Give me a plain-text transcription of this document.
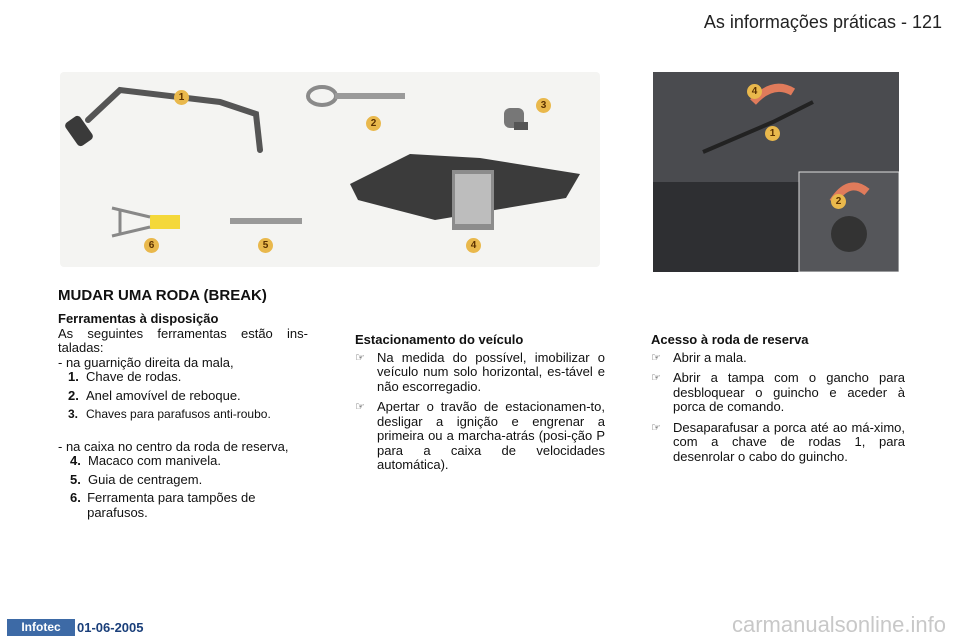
As informações práticas - 121
1
2
3
4
5
6
4
1
2
MUDAR UMA RODA (BREAK)

Ferramentas à disposição

As seguintes ferramentas estão ins-taladas:

- na guarnição direita da mala,

1. Chave de rodas.

2. Anel amovível de reboque.

3. Chaves para parafusos anti-roubo.

- na caixa no centro da roda de reserva,

4. Macaco com manivela.

5. Guia de centragem.

6. Ferramenta para tampões de parafusos.

Estacionamento do veículo

☞ Na medida do possível, imobilizar o veículo num solo horizontal, es-tável e não escorregadio.
☞ Apertar o travão de estacionamen-to, desligar a ignição e engrenar a primeira ou a marcha-atrás (posi-ção P para a caixa de velocidades automática).

Acesso à roda de reserva

☞ Abrir a mala.
☞ Abrir a tampa com o gancho para desbloquear o guincho e aceder à porca de comando.
☞ Desaparafusar a porca até ao má-ximo, com a chave de rodas 1, para desenrolar o cabo do guincho.
Infotec	01-06-2005	carmanualsonline.info
